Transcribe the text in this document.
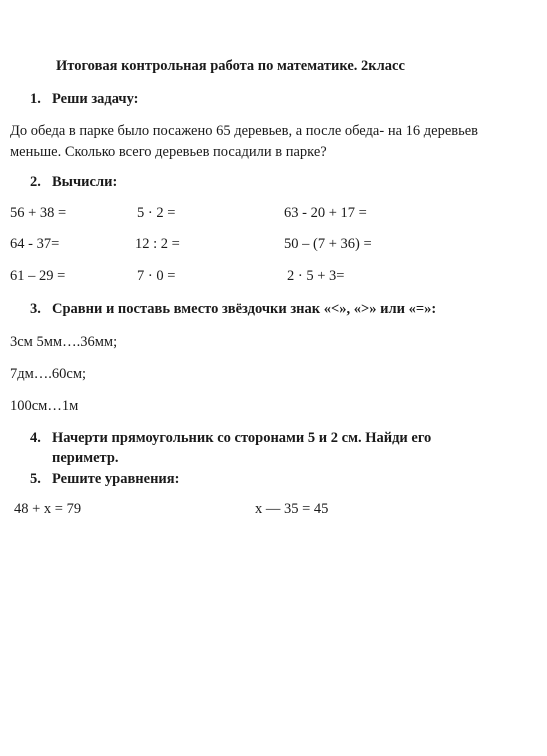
Итоговая контрольная работа по математике. 2класс
1. Реши задачу:
До обеда в парке было посажено 65 деревьев, а после обеда- на 16 деревьев меньше. Сколько всего деревьев посадили в парке?
2. Вычисли:
56 + 38 =	5 · 2 =	63 - 20 + 17 =
64 - 37=	12 : 2 =	50 – (7 + 36) =
61 – 29 =	7 · 0 =	2 · 5 + 3=
3. Сравни и поставь вместо звёздочки знак «<», «>» или «=»:
3см 5мм….36мм;
7дм….60см;
100см…1м
4. Начерти прямоугольник со сторонами 5 и 2 см. Найди его
периметр.
5. Решите уравнения:
48 + x = 79	x — 35 = 45
